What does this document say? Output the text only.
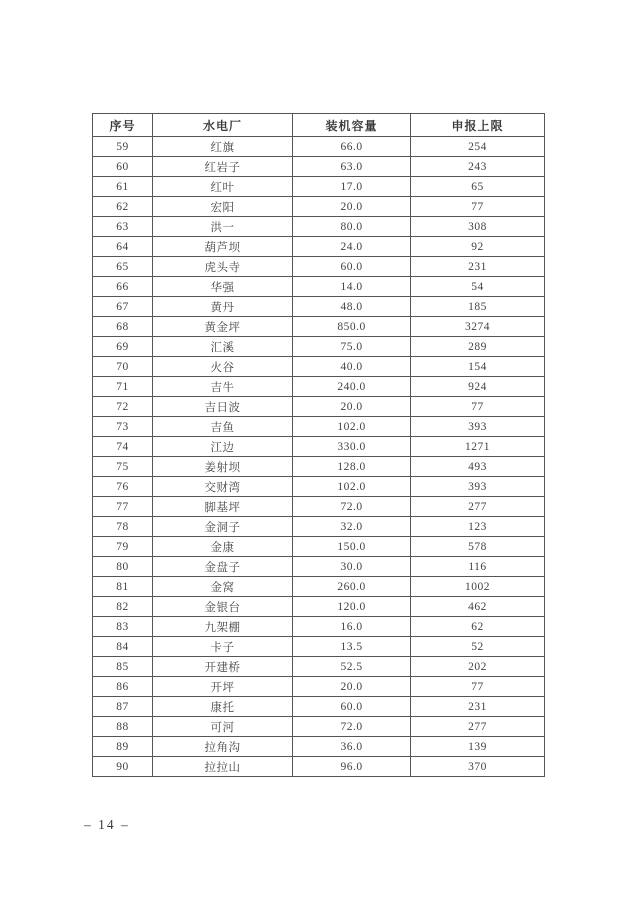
序号	水电厂	装机容量	申报上限
59	红旗	66.0	254
60	红岩子	63.0	243
61	红叶	17.0	65
62	宏阳	20.0	77
63	洪一	80.0	308
64	葫芦坝	24.0	92
65	虎头寺	60.0	231
66	华强	14.0	54
67	黄丹	48.0	185
68	黄金坪	850.0	3274
69	汇溪	75.0	289
70	火谷	40.0	154
71	吉牛	240.0	924
72	吉日波	20.0	77
73	吉鱼	102.0	393
74	江边	330.0	1271
75	姜射坝	128.0	493
76	交财湾	102.0	393
77	脚基坪	72.0	277
78	金洞子	32.0	123
79	金康	150.0	578
80	金盘子	30.0	116
81	金窝	260.0	1002
82	金银台	120.0	462
83	九架棚	16.0	62
84	卡子	13.5	52
85	开建桥	52.5	202
86	开坪	20.0	77
87	康托	60.0	231
88	可河	72.0	277
89	拉角沟	36.0	139
90	拉拉山	96.0	370
– 14 –
